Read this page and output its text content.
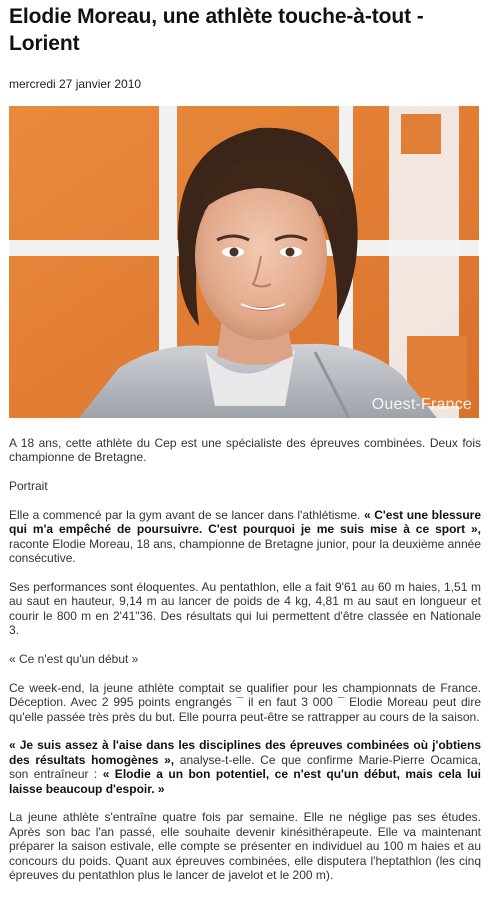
Elodie Moreau, une athlète touche-à-tout - Lorient
mercredi 27 janvier 2010
Ouest-France

A 18 ans, cette athlète du Cep est une spécialiste des épreuves combinées. Deux fois championne de Bretagne.

Portrait

Elle a commencé par la gym avant de se lancer dans l'athlétisme. « C'est une blessure qui m'a empêché de poursuivre. C'est pourquoi je me suis mise à ce sport », raconte Elodie Moreau, 18 ans, championne de Bretagne junior, pour la deuxième année consécutive.

Ses performances sont éloquentes. Au pentathlon, elle a fait 9'61 au 60 m haies, 1,51 m au saut en hauteur, 9,14 m au lancer de poids de 4 kg, 4,81 m au saut en longueur et courir le 800 m en 2'41"36. Des résultats qui lui permettent d'être classée en Nationale 3.

« Ce n'est qu'un début »

Ce week-end, la jeune athlète comptait se qualifier pour les championnats de France. Déception. Avec 2 995 points engrangés ¯ il en faut 3 000 ¯ Elodie Moreau peut dire qu'elle passée très près du but. Elle pourra peut-être se rattrapper au cours de la saison.

« Je suis assez à l'aise dans les disciplines des épreuves combinées où j'obtiens des résultats homogènes », analyse-t-elle. Ce que confirme Marie-Pierre Ocamica, son entraîneur : « Elodie a un bon potentiel, ce n'est qu'un début, mais cela lui laisse beaucoup d'espoir. »

La jeune athlète s'entraîne quatre fois par semaine. Elle ne néglige pas ses études. Après son bac l'an passé, elle souhaite devenir kinésithérapeute. Elle va maintenant préparer la saison estivale, elle compte se présenter en individuel au 100 m haies et au concours du poids. Quant aux épreuves combinées, elle disputera l'heptathlon (les cinq épreuves du pentathlon plus le lancer de javelot et le 200 m).
